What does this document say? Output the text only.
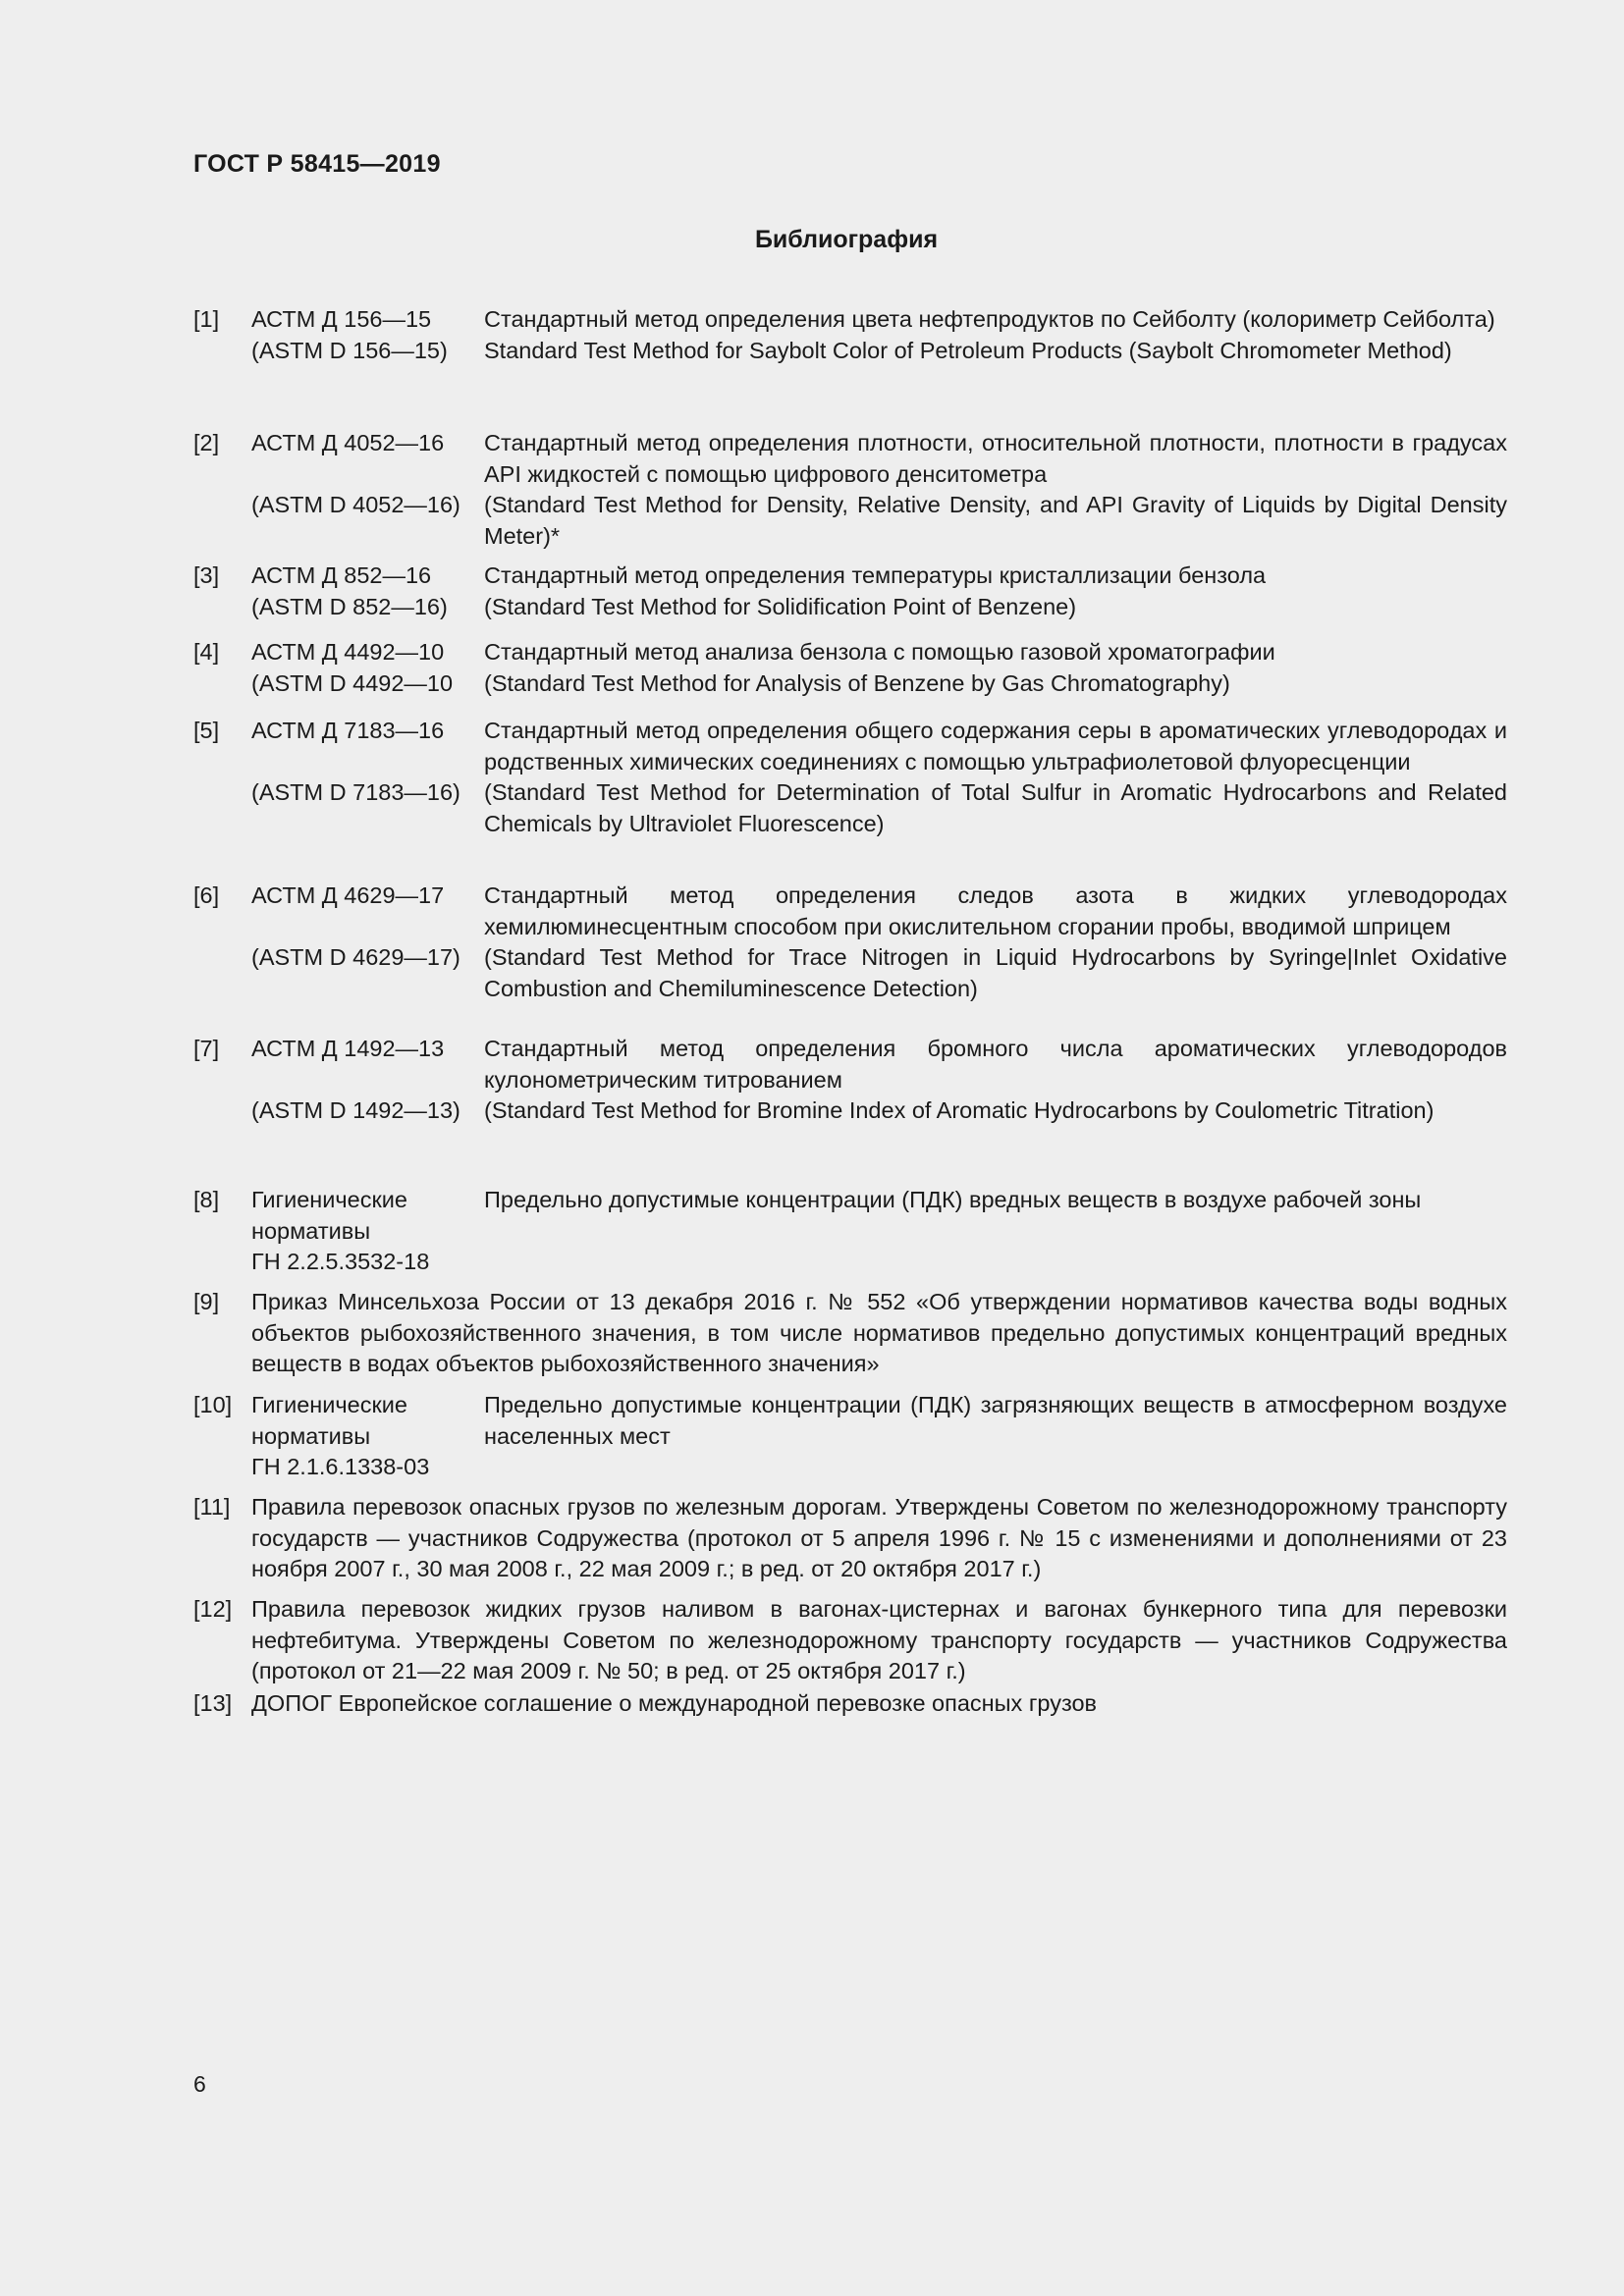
ГОСТ Р 58415—2019
Библиография
[1] АСТМ Д 156—15 Стандартный метод определения цвета нефтепродуктов по Сейболту (колориметр Сейболта)
(ASTM D 156—15) Standard Test Method for Saybolt Color of Petroleum Products (Saybolt Chromometer Method)
[2] АСТМ Д 4052—16 Стандартный метод определения плотности, относительной плотности, плотности в градусах API жидкостей с помощью цифрового денситометра
(ASTM D 4052—16) (Standard Test Method for Density, Relative Density, and API Gravity of Liquids by Digital Density Meter)*
[3] АСТМ Д 852—16 Стандартный метод определения температуры кристаллизации бензола
(ASTM D 852—16) (Standard Test Method for Solidification Point of Benzene)
[4] АСТМ Д 4492—10 Стандартный метод анализа бензола с помощью газовой хроматографии
(ASTM D 4492—10 (Standard Test Method for Analysis of Benzene by Gas Chromatography)
[5] АСТМ Д 7183—16 Стандартный метод определения общего содержания серы в ароматических углеводородах и родственных химических соединениях с помощью ультрафиолетовой флуоресценции
(ASTM D 7183—16) (Standard Test Method for Determination of Total Sulfur in Aromatic Hydrocarbons and Related Chemicals by Ultraviolet Fluorescence)
[6] АСТМ Д 4629—17 Стандартный метод определения следов азота в жидких углеводородах хемилюминесцентным способом при окислительном сгорании пробы, вводимой шприцем
(ASTM D 4629—17) (Standard Test Method for Trace Nitrogen in Liquid Hydrocarbons by Syringe|Inlet Oxidative Combustion and Chemiluminescence Detection)
[7] АСТМ Д 1492—13 Стандартный метод определения бромного числа ароматических углеводородов кулонометрическим титрованием
(ASTM D 1492—13) (Standard Test Method for Bromine Index of Aromatic Hydrocarbons by Coulometric Titration)
[8] Гигиенические
нормативы
ГН 2.2.5.3532-18
Предельно допустимые концентрации (ПДК) вредных веществ в воздухе рабочей зоны
[9] Приказ Минсельхоза России от 13 декабря 2016 г. № 552 «Об утверждении нормативов качества воды водных объектов рыбохозяйственного значения, в том числе нормативов предельно допустимых концентраций вредных веществ в водах объектов рыбохозяйственного значения»
[10] Гигиенические
нормативы
ГН 2.1.6.1338-03
Предельно допустимые концентрации (ПДК) загрязняющих веществ в атмосферном воздухе населенных мест
[11] Правила перевозок опасных грузов по железным дорогам. Утверждены Советом по железнодорожному транспорту государств — участников Содружества (протокол от 5 апреля 1996 г. № 15 с изменениями и дополнениями от 23 ноября 2007 г., 30 мая 2008 г., 22 мая 2009 г.; в ред. от 20 октября 2017 г.)
[12] Правила перевозок жидких грузов наливом в вагонах-цистернах и вагонах бункерного типа для перевозки нефтебитума. Утверждены Советом по железнодорожному транспорту государств — участников Содружества (протокол от 21—22 мая 2009 г. № 50; в ред. от 25 октября 2017 г.)
[13] ДОПОГ Европейское соглашение о международной перевозке опасных грузов
6
